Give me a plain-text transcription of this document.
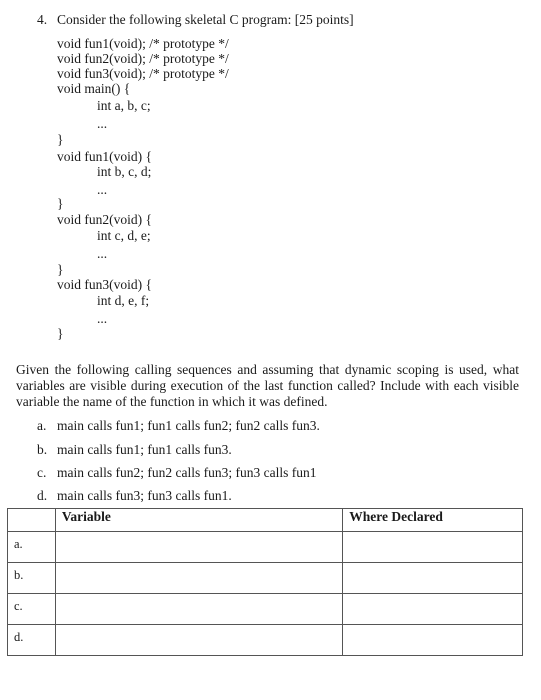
4. Consider the following skeletal C program: [25 points]
void fun1(void); /* prototype */
void fun2(void); /* prototype */
void fun3(void); /* prototype */
void main() {
int a, b, c;
...
}
void fun1(void) {
int b, c, d;
...
}
void fun2(void) {
int c, d, e;
...
}
void fun3(void) {
int d, e, f;
...
}
Given the following calling sequences and assuming that dynamic scoping is used, what variables are visible during execution of the last function called? Include with each visible variable the name of the function in which it was defined.
a. main calls fun1; fun1 calls fun2; fun2 calls fun3.
b. main calls fun1; fun1 calls fun3.
c. main calls fun2; fun2 calls fun3; fun3 calls fun1
d. main calls fun3; fun3 calls fun1.
	Variable	Where Declared
a.		
b.		
c.		
d.		
